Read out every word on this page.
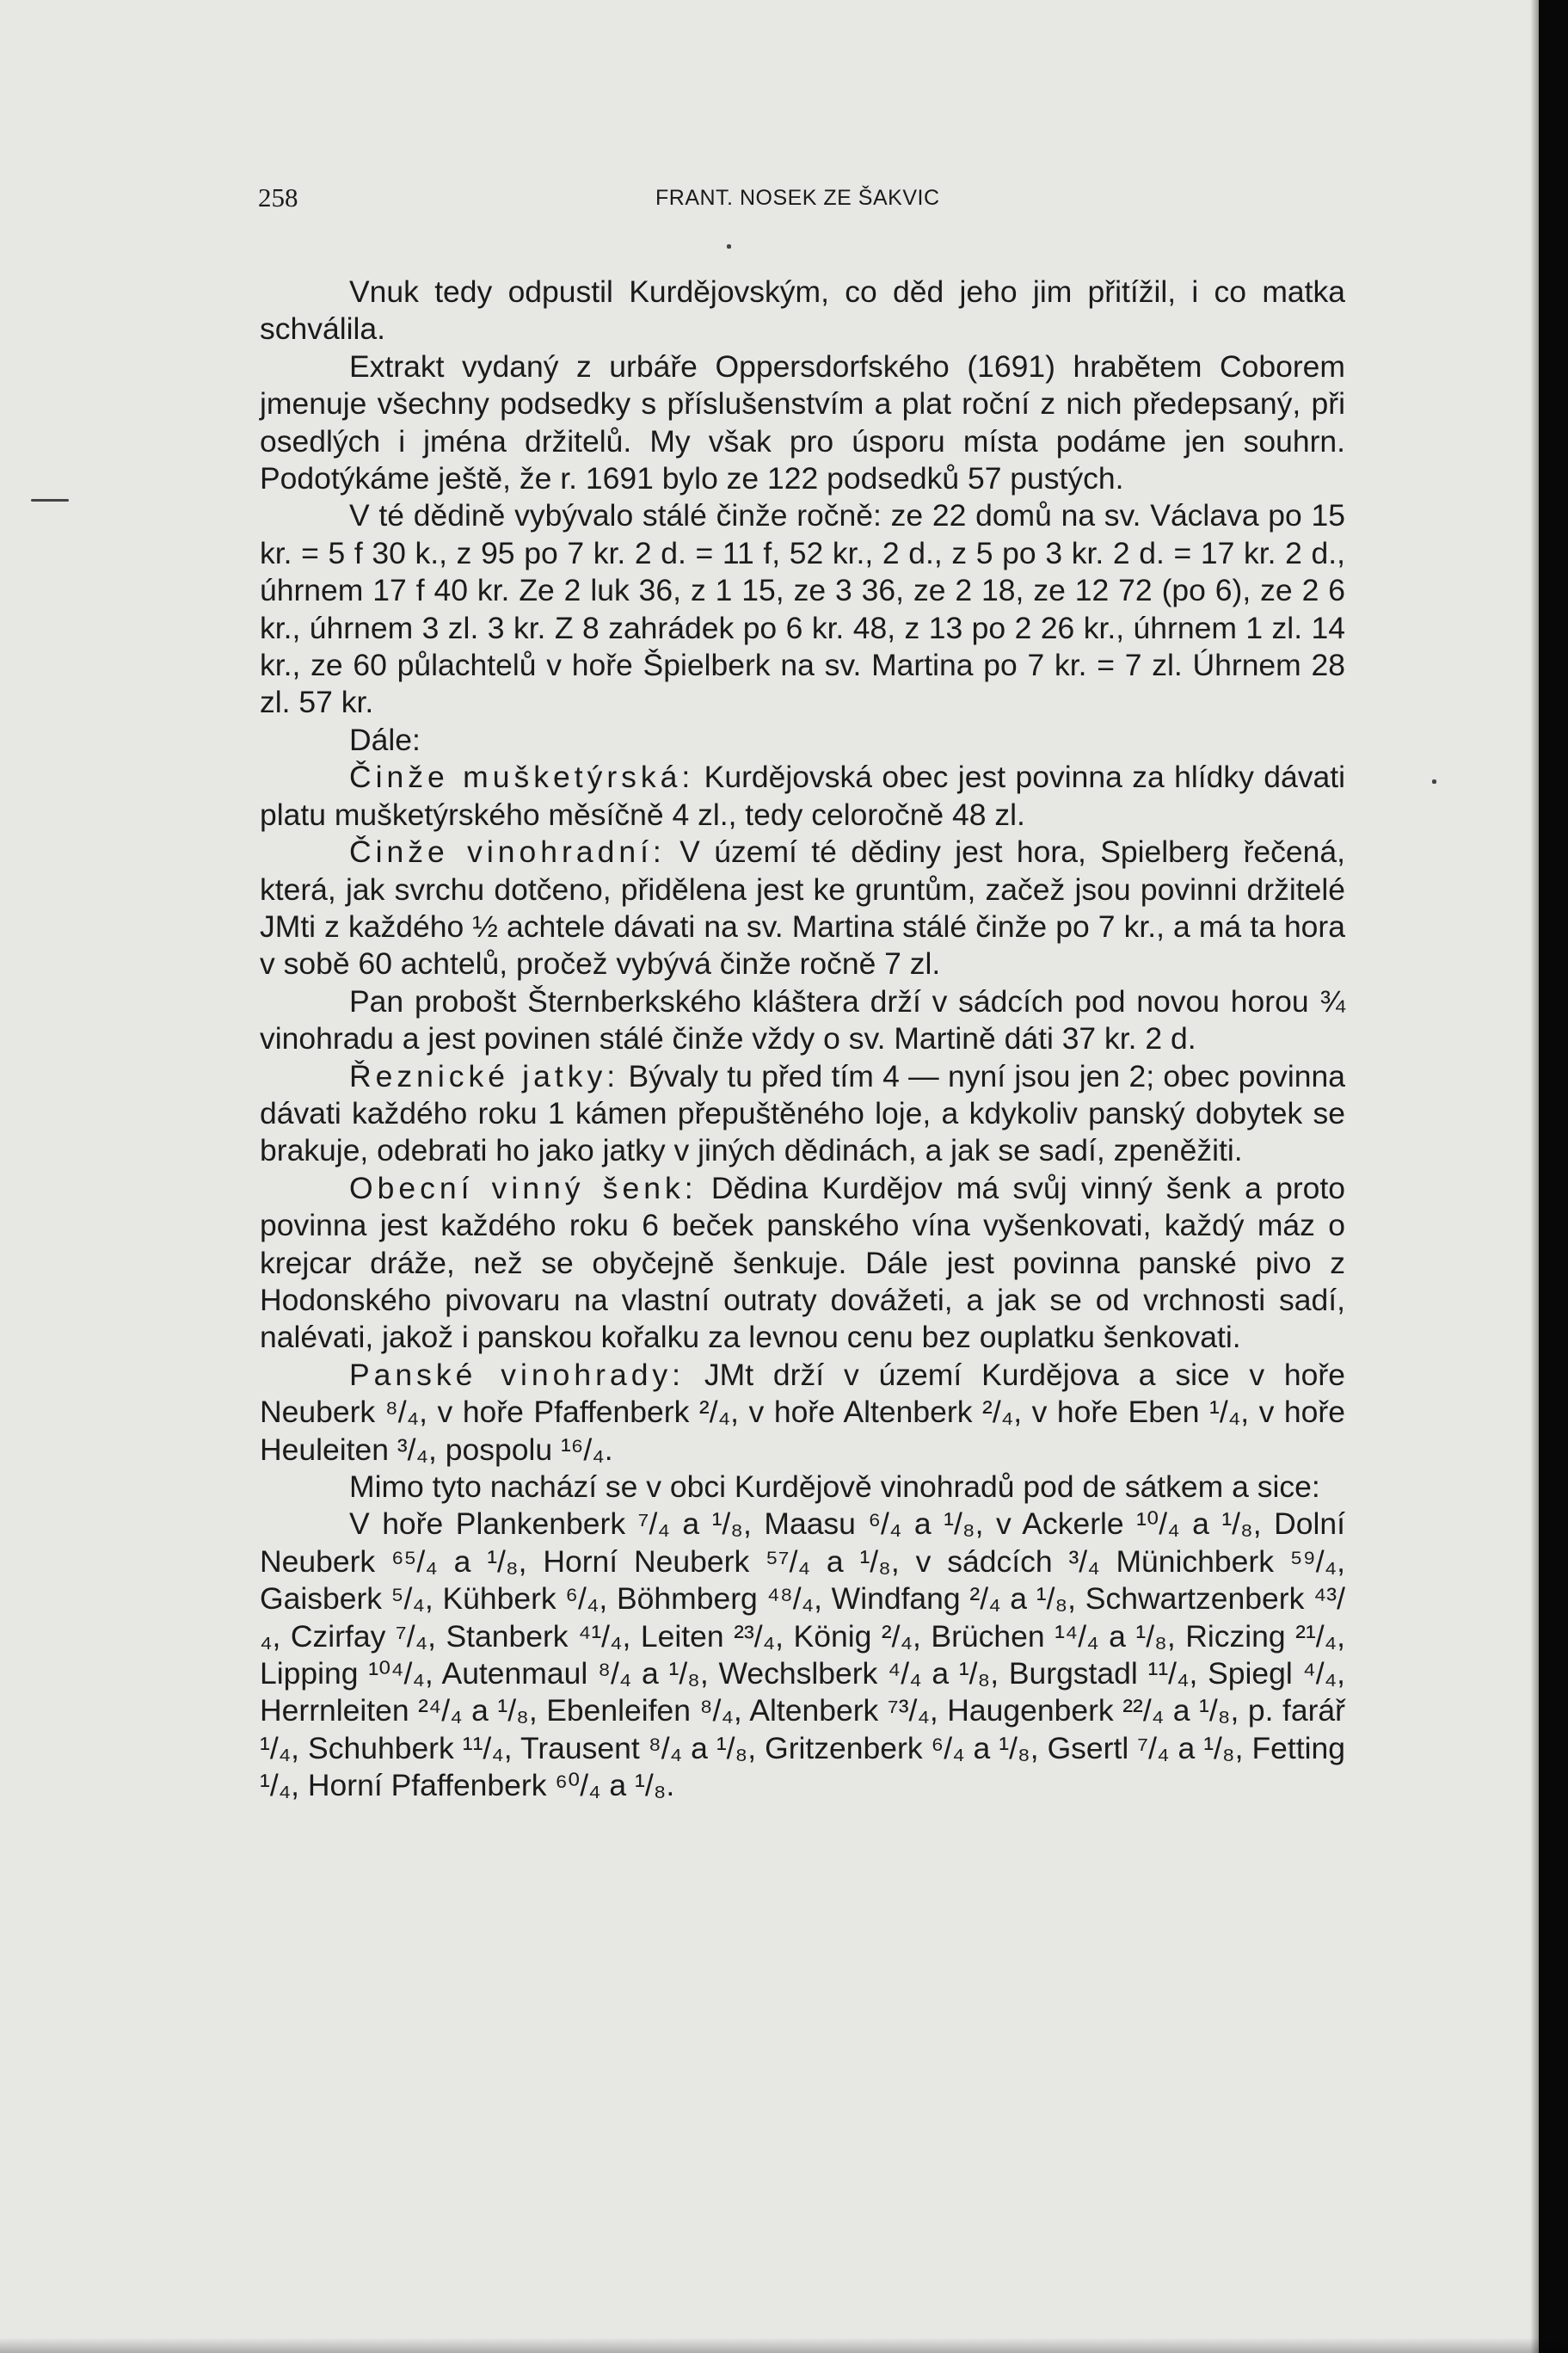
258	FRANT. NOSEK ZE ŠAKVIC

Vnuk tedy odpustil Kurdějovským, co děd jeho jim přitížil, i co matka schválila.

Extrakt vydaný z urbáře Oppersdorfského (1691) hrabětem Coborem jmenuje všechny podsedky s příslušenstvím a plat roční z nich předepsaný, při osedlých i jména držitelů. My však pro úsporu místa podáme jen souhrn. Podotýkáme ještě, že r. 1691 bylo ze 122 podsedků 57 pustých.

V té dědině vybývalo stálé činže ročně: ze 22 domů na sv. Václava po 15 kr. = 5 f 30 k., z 95 po 7 kr. 2 d. = 11 f, 52 kr., 2 d., z 5 po 3 kr. 2 d. = 17 kr. 2 d., úhrnem 17 f 40 kr. Ze 2 luk 36, z 1 15, ze 3 36, ze 2 18, ze 12 72 (po 6), ze 2 6 kr., úhrnem 3 zl. 3 kr. Z 8 zahrádek po 6 kr. 48, z 13 po 2 26 kr., úhrnem 1 zl. 14 kr., ze 60 půlachtelů v hoře Špielberk na sv. Martina po 7 kr. = 7 zl. Úhrnem 28 zl. 57 kr.

Dále:

Činže mušketýrská: Kurdějovská obec jest povinna za hlídky dávati platu mušketýrského měsíčně 4 zl., tedy celoročně 48 zl.

Činže vinohradní: V území té dědiny jest hora, Spielberg řečená, která, jak svrchu dotčeno, přidělena jest ke gruntům, začež jsou povinni držitelé JMti z každého ½ achtele dávati na sv. Martina stálé činže po 7 kr., a má ta hora v sobě 60 achtelů, pročež vybývá činže ročně 7 zl.

Pan probošt Šternberkského kláštera drží v sádcích pod novou horou ¾ vinohradu a jest povinen stálé činže vždy o sv. Martině dáti 37 kr. 2 d.

Řeznické jatky: Bývaly tu před tím 4 — nyní jsou jen 2; obec povinna dávati každého roku 1 kámen přepuštěného loje, a kdykoliv panský dobytek se brakuje, odebrati ho jako jatky v jiných dědinách, a jak se sadí, zpeněžiti.

Obecní vinný šenk: Dědina Kurdějov má svůj vinný šenk a proto povinna jest každého roku 6 beček panského vína vyšenkovati, každý máz o krejcar dráže, než se obyčejně šenkuje. Dále jest povinna panské pivo z Hodonského pivovaru na vlastní outraty dovážeti, a jak se od vrchnosti sadí, nalévati, jakož i panskou kořalku za levnou cenu bez ouplatku šenkovati.

Panské vinohrady: JMt drží v území Kurdějova a sice v hoře Neuberk ⁸/₄, v hoře Pfaffenberk ²/₄, v hoře Altenberk ²/₄, v hoře Eben ¹/₄, v hoře Heuleiten ³/₄, pospolu ¹⁶/₄.

Mimo tyto nachází se v obci Kurdějově vinohradů pod de sátkem a sice:

V hoře Plankenberk ⁷/₄ a ¹/₈, Maasu ⁶/₄ a ¹/₈, v Ackerle ¹⁰/₄ a ¹/₈, Dolní Neuberk ⁶⁵/₄ a ¹/₈, Horní Neuberk ⁵⁷/₄ a ¹/₈, v sádcích ³/₄ Münichberk ⁵⁹/₄, Gaisberk ⁵/₄, Kühberk ⁶/₄, Böhmberg ⁴⁸/₄, Windfang ²/₄ a ¹/₈, Schwartzenberk ⁴³/₄, Czirfay ⁷/₄, Stanberk ⁴¹/₄, Leiten ²³/₄, König ²/₄, Brüchen ¹⁴/₄ a ¹/₈, Riczing ²¹/₄, Lipping ¹⁰⁴/₄, Autenmaul ⁸/₄ a ¹/₈, Wechslberk ⁴/₄ a ¹/₈, Burgstadl ¹¹/₄, Spiegl ⁴/₄, Herrnleiten ²⁴/₄ a ¹/₈, Ebenleifen ⁸/₄, Altenberk ⁷³/₄, Haugenberk ²²/₄ a ¹/₈, p. farář ¹/₄, Schuhberk ¹¹/₄, Trausent ⁸/₄ a ¹/₈, Gritzenberk ⁶/₄ a ¹/₈, Gsertl ⁷/₄ a ¹/₈, Fetting ¹/₄, Horní Pfaffenberk ⁶⁰/₄ a ¹/₈.
